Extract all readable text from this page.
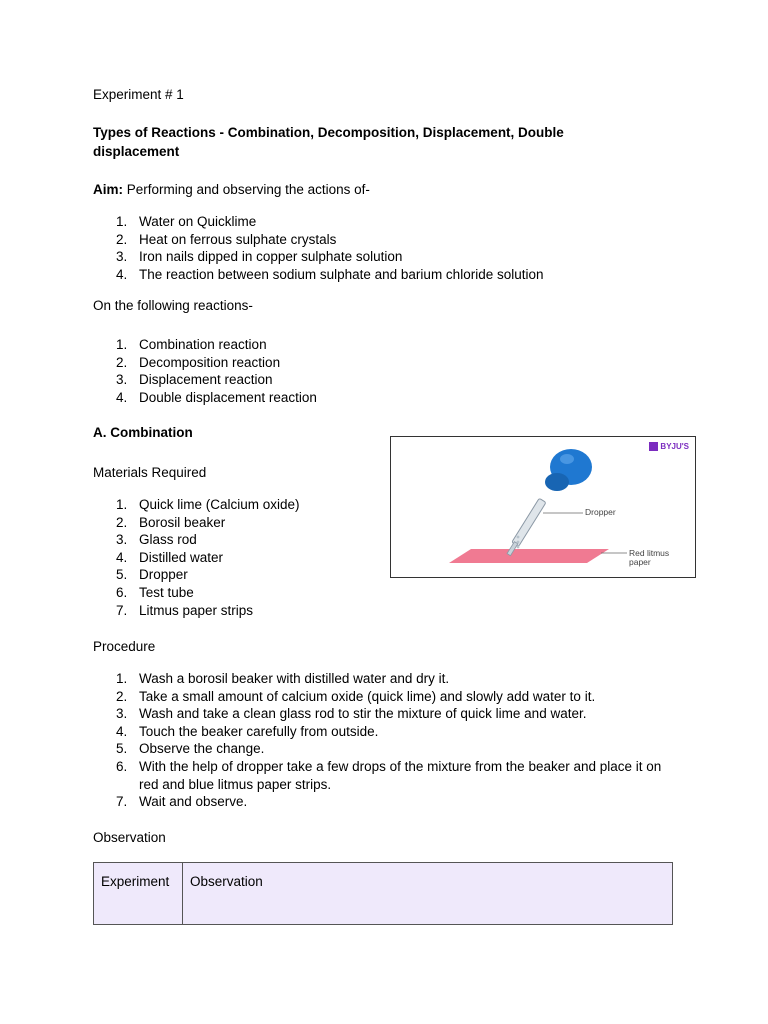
Experiment # 1
Types of Reactions - Combination, Decomposition, Displacement, Double
displacement
Aim: Performing and observing the actions of-
1. Water on Quicklime
2. Heat on ferrous sulphate crystals
3. Iron nails dipped in copper sulphate solution
4. The reaction between sodium sulphate and barium chloride solution
On the following reactions-
1. Combination reaction
2. Decomposition reaction
3. Displacement reaction
4. Double displacement reaction
A. Combination
Materials Required
1. Quick lime (Calcium oxide)
2. Borosil beaker
3. Glass rod
4. Distilled water
5. Dropper
6. Test tube
7. Litmus paper strips
Dropper
Red litmus
paper
BYJU'S
Procedure
1. Wash a borosil beaker with distilled water and dry it.
2. Take a small amount of calcium oxide (quick lime) and slowly add water to it.
3. Wash and take a clean glass rod to stir the mixture of quick lime and water.
4. Touch the beaker carefully from outside.
5. Observe the change.
6. With the help of dropper take a few drops of the mixture from the beaker and place it on red and blue litmus paper strips.
7. Wait and observe.
Observation
Experiment	Observation
